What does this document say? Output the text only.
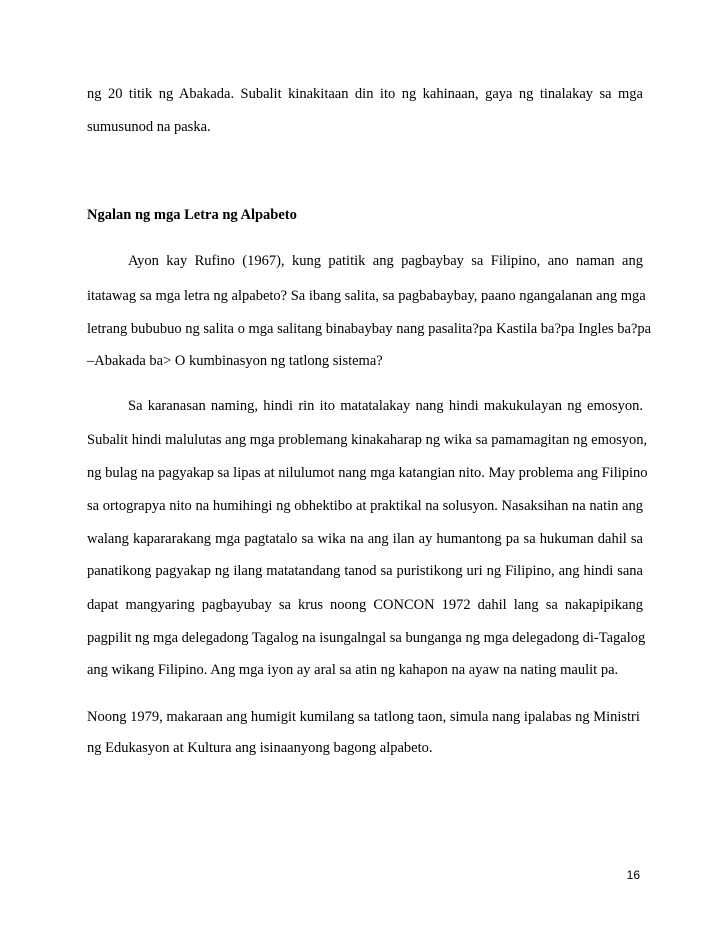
ng 20 titik ng Abakada. Subalit kinakitaan din ito ng kahinaan, gaya ng tinalakay sa mga
sumusunod na paska.
Ngalan ng mga Letra ng Alpabeto
Ayon kay Rufino (1967), kung patitik ang pagbaybay sa Filipino, ano naman ang
itatawag sa mga letra ng alpabeto? Sa ibang salita, sa pagbabaybay, paano ngangalanan ang mga
letrang bububuo ng salita o mga salitang binabaybay nang pasalita?pa Kastila ba?pa Ingles ba?pa
–Abakada ba> O kumbinasyon ng tatlong sistema?
Sa karanasan naming, hindi rin ito matatalakay nang hindi makukulayan ng emosyon.
Subalit hindi malulutas ang mga problemang kinakaharap ng wika sa pamamagitan ng emosyon,
ng bulag na pagyakap sa lipas at nilulumot nang mga katangian nito. May problema ang Filipino
sa ortograpya nito na humihingi ng obhektibo at praktikal na solusyon. Nasaksihan na natin ang
walang kapararakang mga pagtatalo sa wika na ang ilan ay humantong pa sa hukuman dahil sa
panatikong pagyakap ng ilang matatandang tanod sa puristikong uri ng Filipino, ang hindi sana
dapat mangyaring pagbayubay sa krus noong CONCON 1972 dahil lang sa nakapipikang
pagpilit ng mga delegadong Tagalog na isungalngal sa bunganga ng mga delegadong di-Tagalog
ang wikang Filipino. Ang mga iyon ay aral sa atin ng kahapon na ayaw na nating maulit pa.
Noong 1979, makaraan ang humigit kumilang sa tatlong taon, simula nang ipalabas ng Ministri
ng Edukasyon at Kultura ang isinaanyong bagong alpabeto.
16
